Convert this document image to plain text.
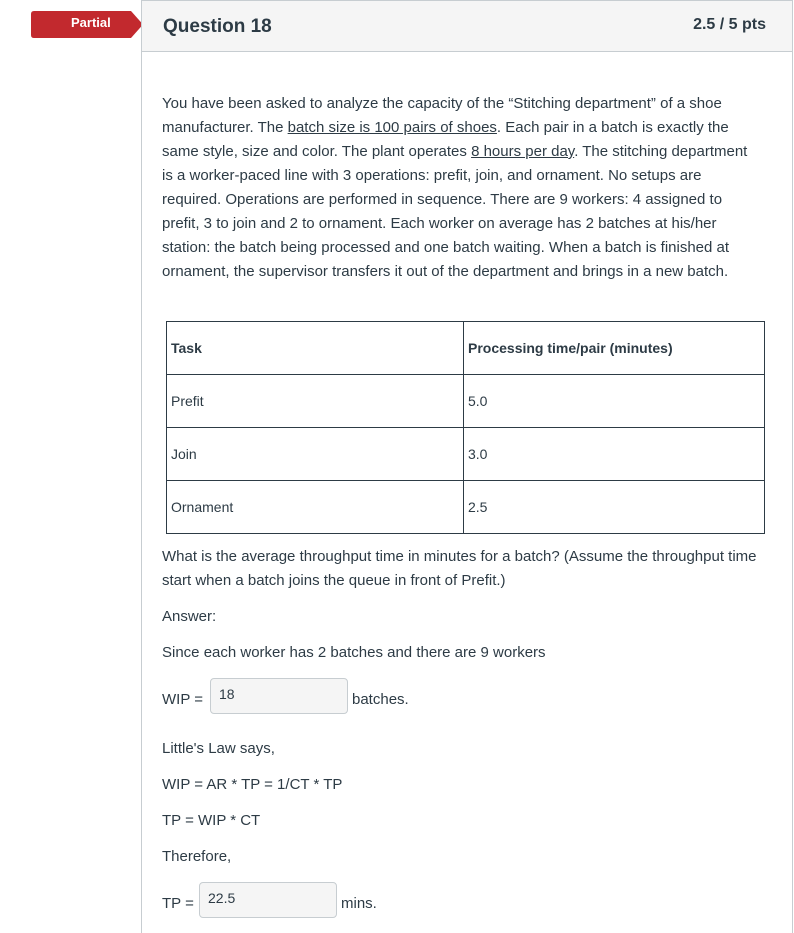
Partial	Question 18	2.5 / 5 pts
You have been asked to analyze the capacity of the “Stitching department” of a shoe manufacturer. The batch size is 100 pairs of shoes. Each pair in a batch is exactly the same style, size and color. The plant operates 8 hours per day. The stitching department is a worker-paced line with 3 operations: prefit, join, and ornament. No setups are required. Operations are performed in sequence. There are 9 workers: 4 assigned to prefit, 3 to join and 2 to ornament. Each worker on average has 2 batches at his/her station: the batch being processed and one batch waiting. When a batch is finished at ornament, the supervisor transfers it out of the department and brings in a new batch.
Task	Processing time/pair (minutes)
Prefit	5.0
Join	3.0
Ornament	2.5
What is the average throughput time in minutes for a batch? (Assume the throughput time start when a batch joins the queue in front of Prefit.)
Answer:
Since each worker has 2 batches and there are 9 workers
WIP =	18	batches.
Little's Law says,
WIP = AR * TP = 1/CT * TP
TP = WIP * CT
Therefore,
TP =	22.5	mins.
